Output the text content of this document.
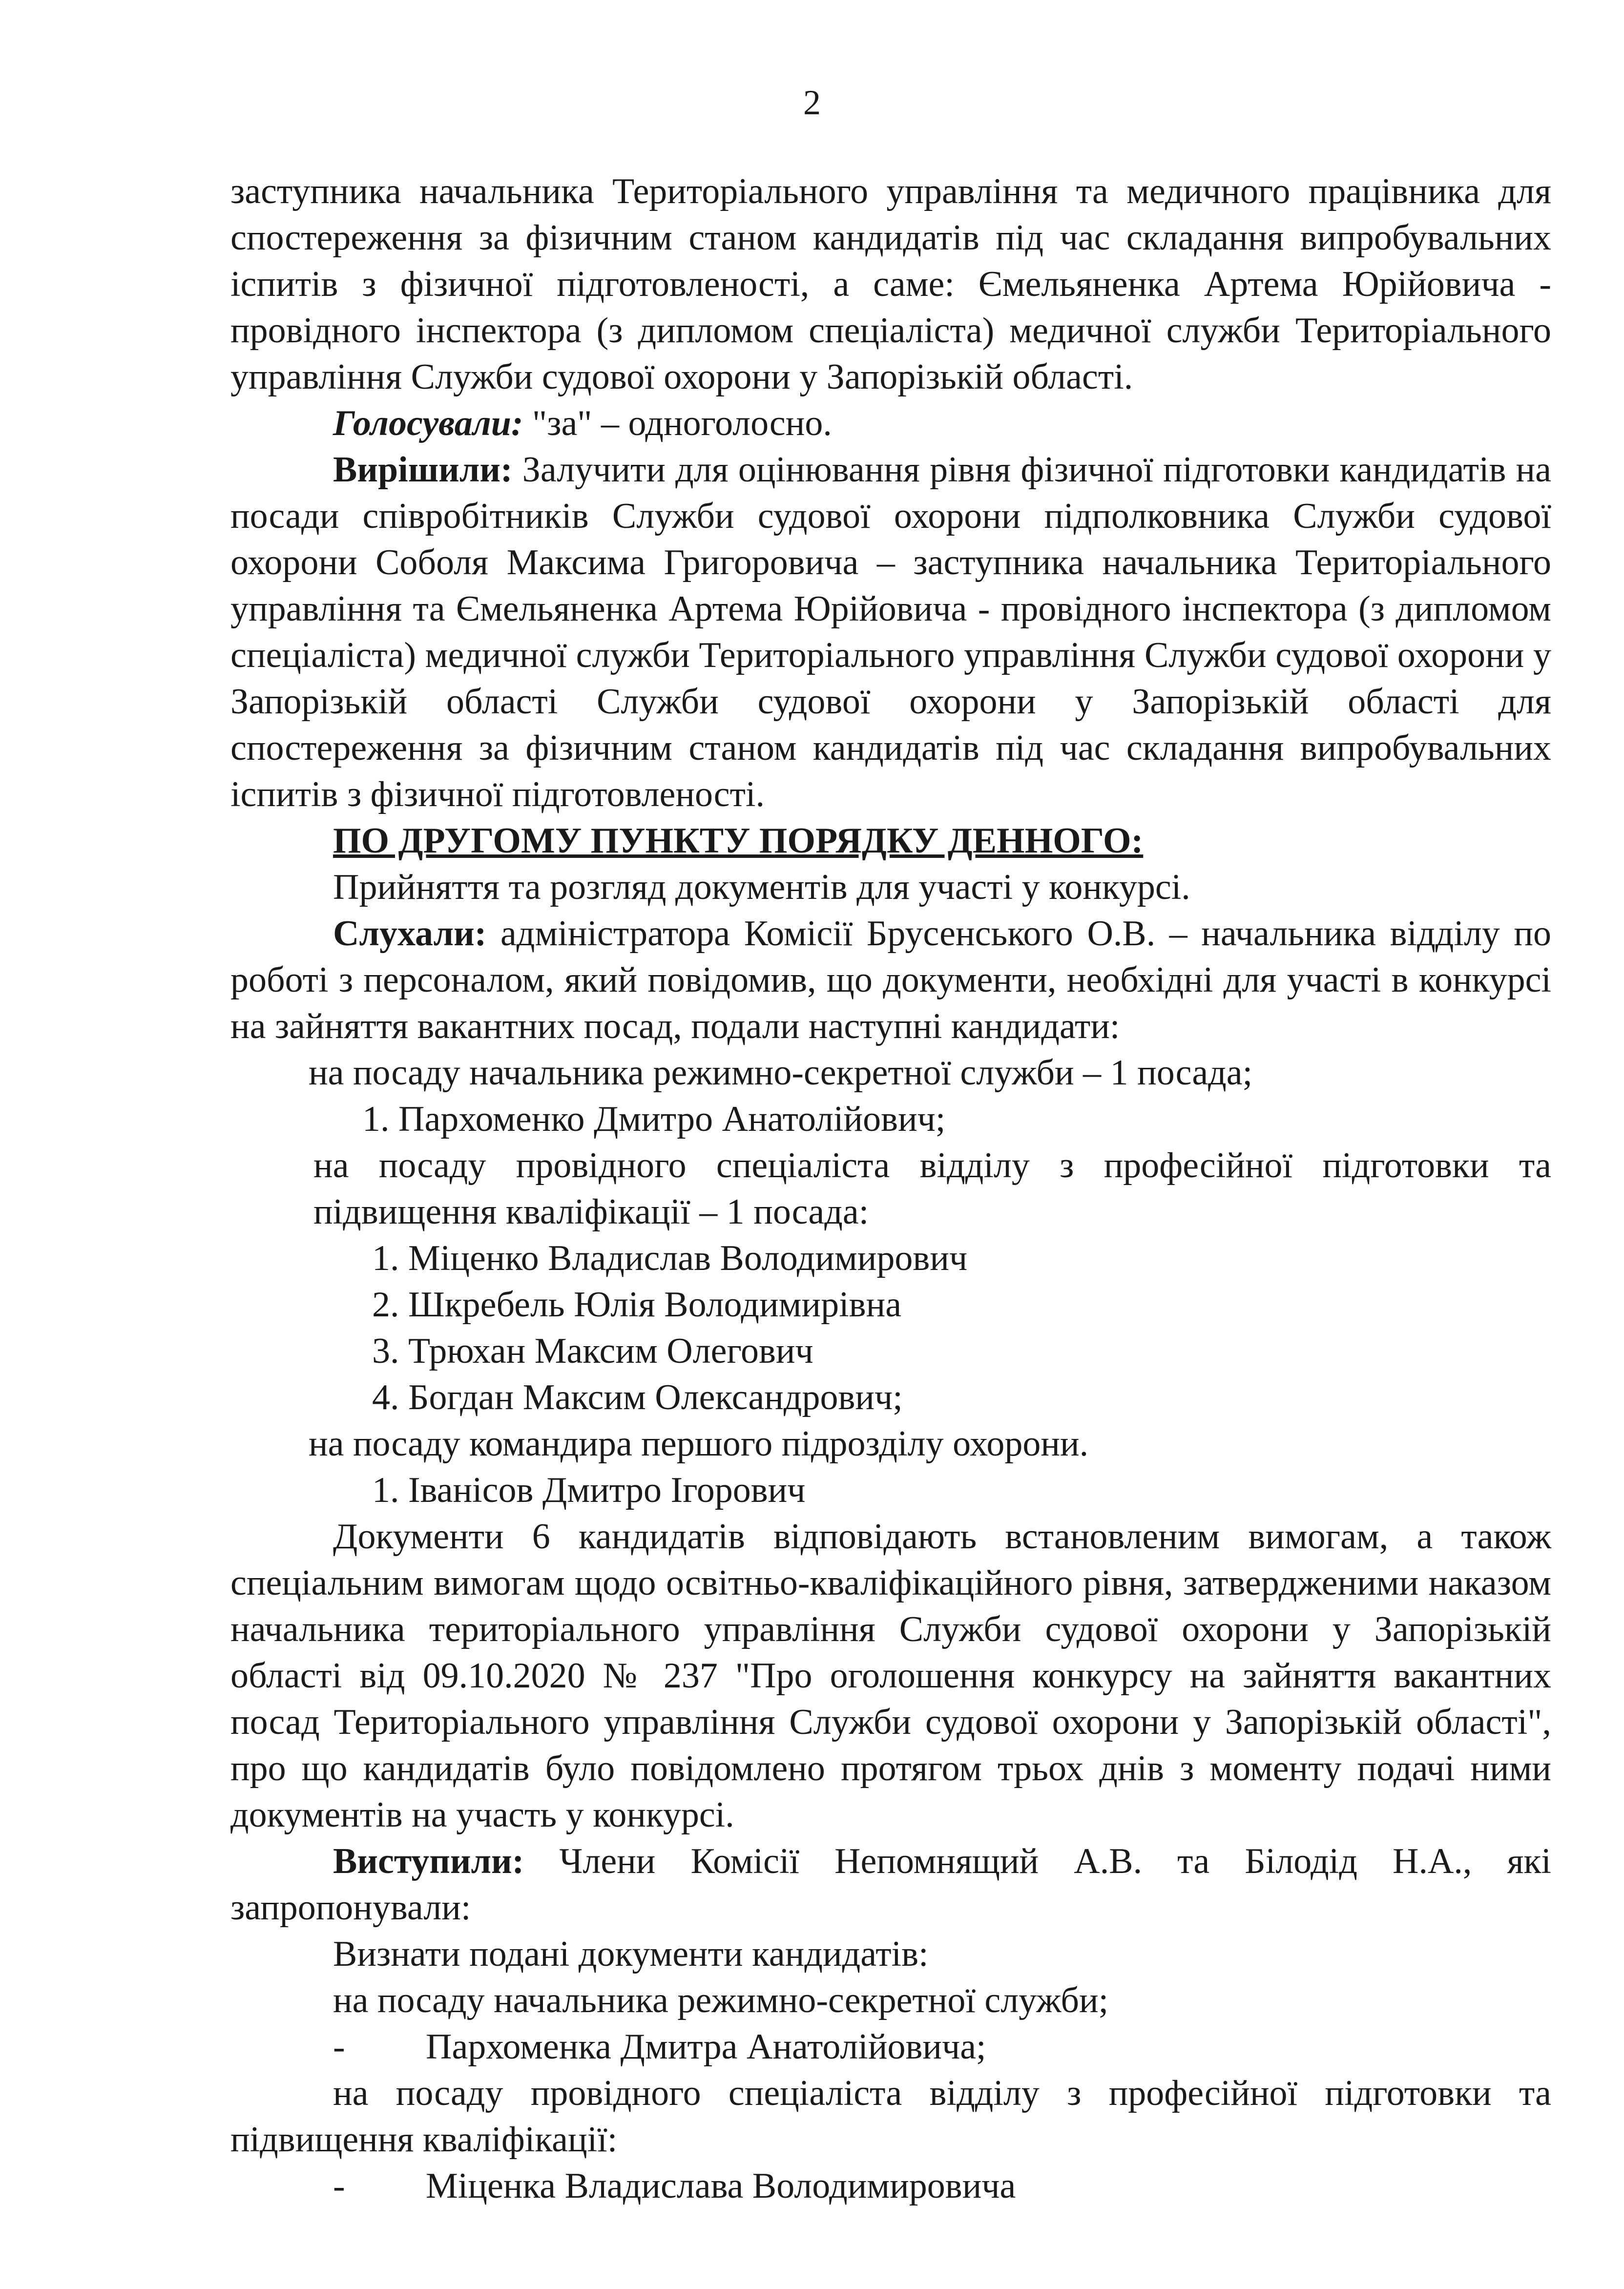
2

заступника начальника Територіального управління та медичного працівника для спостереження за фізичним станом кандидатів під час складання випробувальних іспитів з фізичної підготовленості, а саме: Ємельяненка Артема Юрійовича - провідного інспектора (з дипломом спеціаліста) медичної служби Територіального управління Служби судової охорони у Запорізькій області.

Голосували: "за" – одноголосно.

Вирішили: Залучити для оцінювання рівня фізичної підготовки кандидатів на посади співробітників Служби судової охорони підполковника Служби судової охорони Соболя Максима Григоровича – заступника начальника Територіального управління та Ємельяненка Артема Юрійовича - провідного інспектора (з дипломом спеціаліста) медичної служби Територіального управління Служби судової охорони у Запорізькій області Служби судової охорони у Запорізькій області для спостереження за фізичним станом кандидатів під час складання випробувальних іспитів з фізичної підготовленості.

ПО ДРУГОМУ ПУНКТУ ПОРЯДКУ ДЕННОГО:

Прийняття та розгляд документів для участі у конкурсі.

Слухали: адміністратора Комісії Брусенського О.В. – начальника відділу по роботі з персоналом, який повідомив, що документи, необхідні для участі в конкурсі на зайняття вакантних посад, подали наступні кандидати:

на посаду начальника режимно-секретної служби – 1 посада;

1. Пархоменко Дмитро Анатолійович;

на посаду провідного спеціаліста відділу з професійної підготовки та підвищення кваліфікації – 1 посада:

1. Міценко Владислав Володимирович

2. Шкребель Юлія Володимирівна

3. Трюхан Максим Олегович

4. Богдан Максим Олександрович;

на посаду командира першого підрозділу охорони.

1. Іванісов Дмитро Ігорович

Документи 6 кандидатів відповідають встановленим вимогам, а також спеціальним вимогам щодо освітньо-кваліфікаційного рівня, затвердженими наказом начальника територіального управління Служби судової охорони у Запорізькій області від 09.10.2020 № 237 "Про оголошення конкурсу на зайняття вакантних посад Територіального управління Служби судової охорони у Запорізькій області", про що кандидатів було повідомлено протягом трьох днів з моменту подачі ними документів на участь у конкурсі.

Виступили: Члени Комісії Непомнящий А.В. та Білодід Н.А., які запропонували:

Визнати подані документи кандидатів:

на посаду начальника режимно-секретної служби;

-	Пархоменка Дмитра Анатолійовича;

на посаду провідного спеціаліста відділу з професійної підготовки та підвищення кваліфікації:

-	Міценка Владислава Володимировича
